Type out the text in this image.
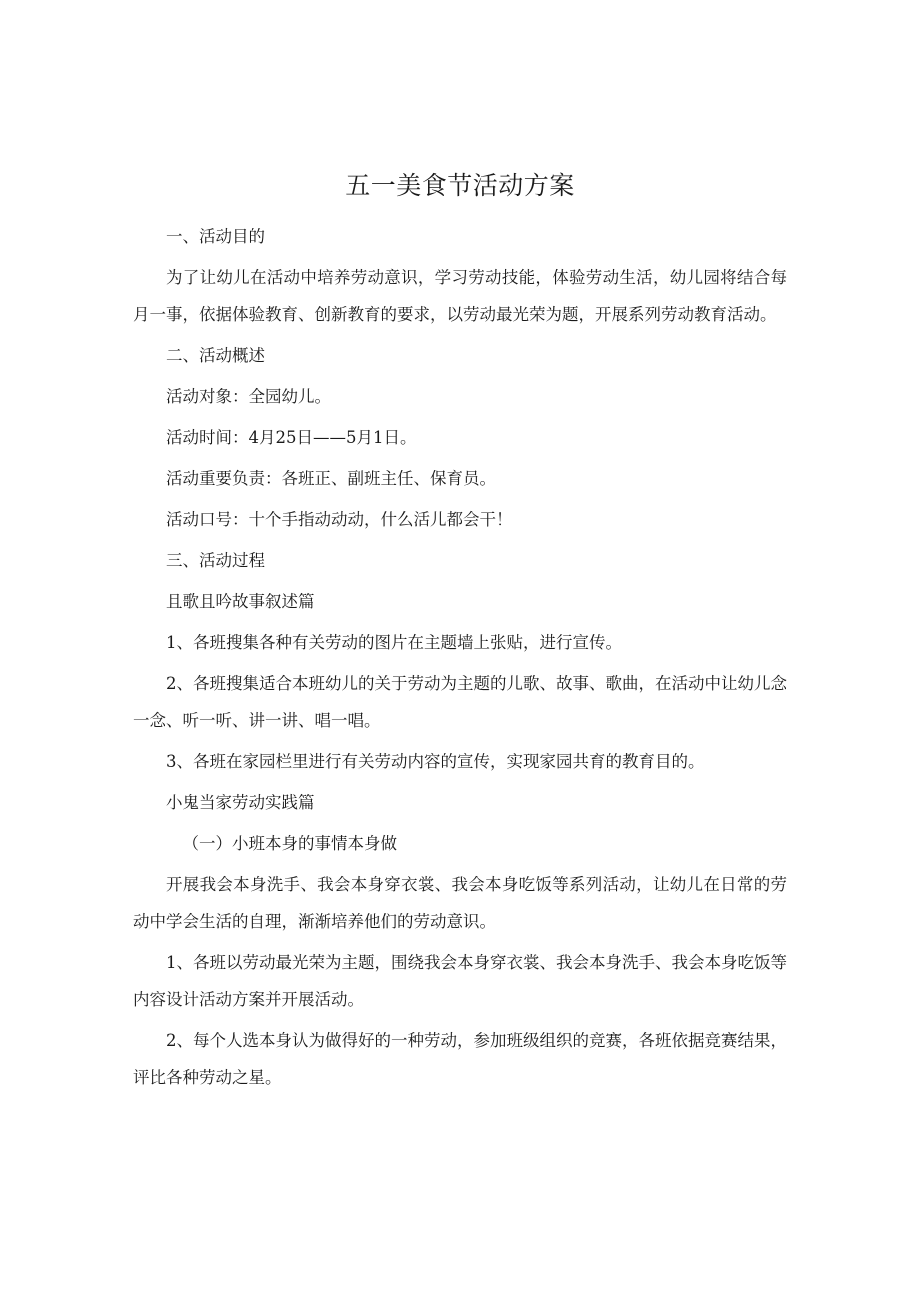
五一美食节活动方案

一、活动目的

为了让幼儿在活动中培养劳动意识，学习劳动技能，体验劳动生活，幼儿园将结合每月一事，依据体验教育、创新教育的要求，以劳动最光荣为题，开展系列劳动教育活动。

二、活动概述

活动对象：全园幼儿。

活动时间：4月25日——5月1日。

活动重要负责：各班正、副班主任、保育员。

活动口号：十个手指动动动，什么活儿都会干！

三、活动过程

且歌且吟故事叙述篇

1、各班搜集各种有关劳动的图片在主题墙上张贴，进行宣传。

2、各班搜集适合本班幼儿的关于劳动为主题的儿歌、故事、歌曲，在活动中让幼儿念一念、听一听、讲一讲、唱一唱。

3、各班在家园栏里进行有关劳动内容的宣传，实现家园共育的教育目的。

小鬼当家劳动实践篇

（一）小班本身的事情本身做

开展我会本身洗手、我会本身穿衣裳、我会本身吃饭等系列活动，让幼儿在日常的劳动中学会生活的自理，渐渐培养他们的劳动意识。

1、各班以劳动最光荣为主题，围绕我会本身穿衣裳、我会本身洗手、我会本身吃饭等内容设计活动方案并开展活动。

2、每个人选本身认为做得好的一种劳动，参加班级组织的竞赛，各班依据竞赛结果，评比各种劳动之星。
